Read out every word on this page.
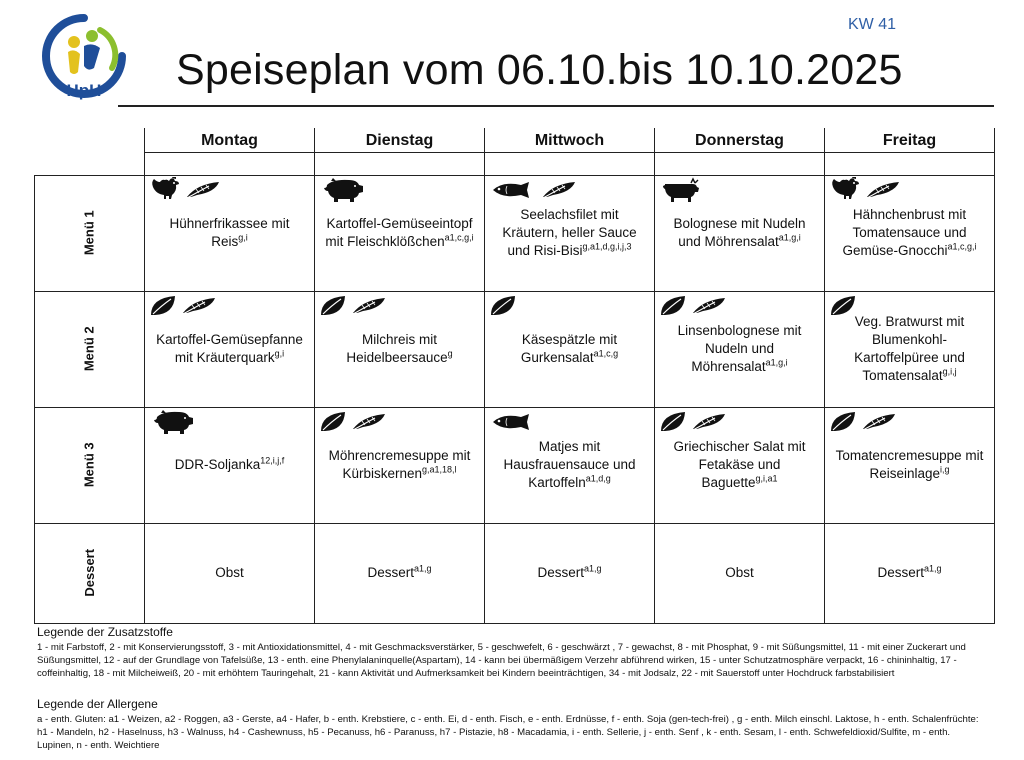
HpH
KW 41
Speiseplan vom 06.10.bis 10.10.2025
	Montag	Dienstag	Mittwoch	Donnerstag	Freitag

Menü 1	Hühnerfrikassee mit Reis$^{g,i}$	Kartoffel-Gemüseeintopf mit Fleischklößchen$^{a1,c,g,i}$	Seelachsfilet mit Kräutern, heller Sauce und Risi-Bisi$^{g,a1,d,g,i,j,3}$	Bolognese mit Nudeln und Möhrensalat$^{a1,g,i}$	Hähnchenbrust mit Tomatensauce und Gemüse-Gnocchi$^{a1,c,g,i}$
Menü 2	Kartoffel-Gemüsepfanne mit Kräuterquark$^{g,i}$	Milchreis mit Heidelbeersauce$^g$	Käsespätzle mit Gurkensalat$^{a1,c,g}$	Linsenbolognese mit Nudeln und Möhrensalat$^{a1,g,i}$	Veg. Bratwurst mit Blumenkohl-Kartoffelpüree und Tomatensalat$^{g,i,j}$
Menü 3	DDR-Soljanka$^{12,i,j,f}$	Möhrencremesuppe mit Kürbiskernen$^{g,a1,18,l}$	Matjes mit Hausfrauensauce und Kartoffeln$^{a1,d,g}$	Griechischer Salat mit Fetakäse und Baguette$^{g,i,a1}$	Tomatencremesuppe mit Reiseinlage$^{i,g}$
Dessert	Obst	Dessert$^{a1,g}$	Dessert$^{a1,g}$	Obst	Dessert$^{a1,g}$
Legende der Zusatzstoffe
1 - mit Farbstoff, 2 - mit Konservierungsstoff, 3 - mit Antioxidationsmittel, 4 - mit Geschmacksverstärker, 5 - geschwefelt, 6 - geschwärzt , 7 - gewachst, 8 - mit Phosphat, 9 - mit Süßungsmittel, 11 - mit einer Zuckerart und Süßungsmittel, 12 - auf der Grundlage von Tafelsüße, 13 - enth. eine Phenylalaninquelle(Aspartam), 14 - kann bei übermäßigem Verzehr abführend wirken, 15 - unter Schutzatmosphäre verpackt, 16 - chininhaltig, 17 - coffeinhaltig, 18 - mit Milcheiweiß, 20 - mit erhöhtem Tauringehalt, 21 - kann Aktivität und Aufmerksamkeit bei Kindern beeinträchtigen, 34 - mit Jodsalz, 22 - mit Sauerstoff unter Hochdruck farbstabilisiert
Legende der Allergene
a - enth. Gluten: a1 - Weizen, a2 - Roggen, a3 - Gerste, a4 - Hafer, b - enth. Krebstiere, c - enth. Ei, d - enth. Fisch, e - enth. Erdnüsse, f - enth. Soja (gen-tech-frei) , g - enth. Milch einschl. Laktose, h - enth. Schalenfrüchte: h1 - Mandeln, h2 - Haselnuss, h3 - Walnuss, h4 - Cashewnuss, h5 - Pecanuss, h6 - Paranuss, h7 - Pistazie, h8 - Macadamia, i - enth. Sellerie, j - enth. Senf , k - enth. Sesam, l - enth. Schwefeldioxid/Sulfite, m - enth. Lupinen, n - enth. Weichtiere
